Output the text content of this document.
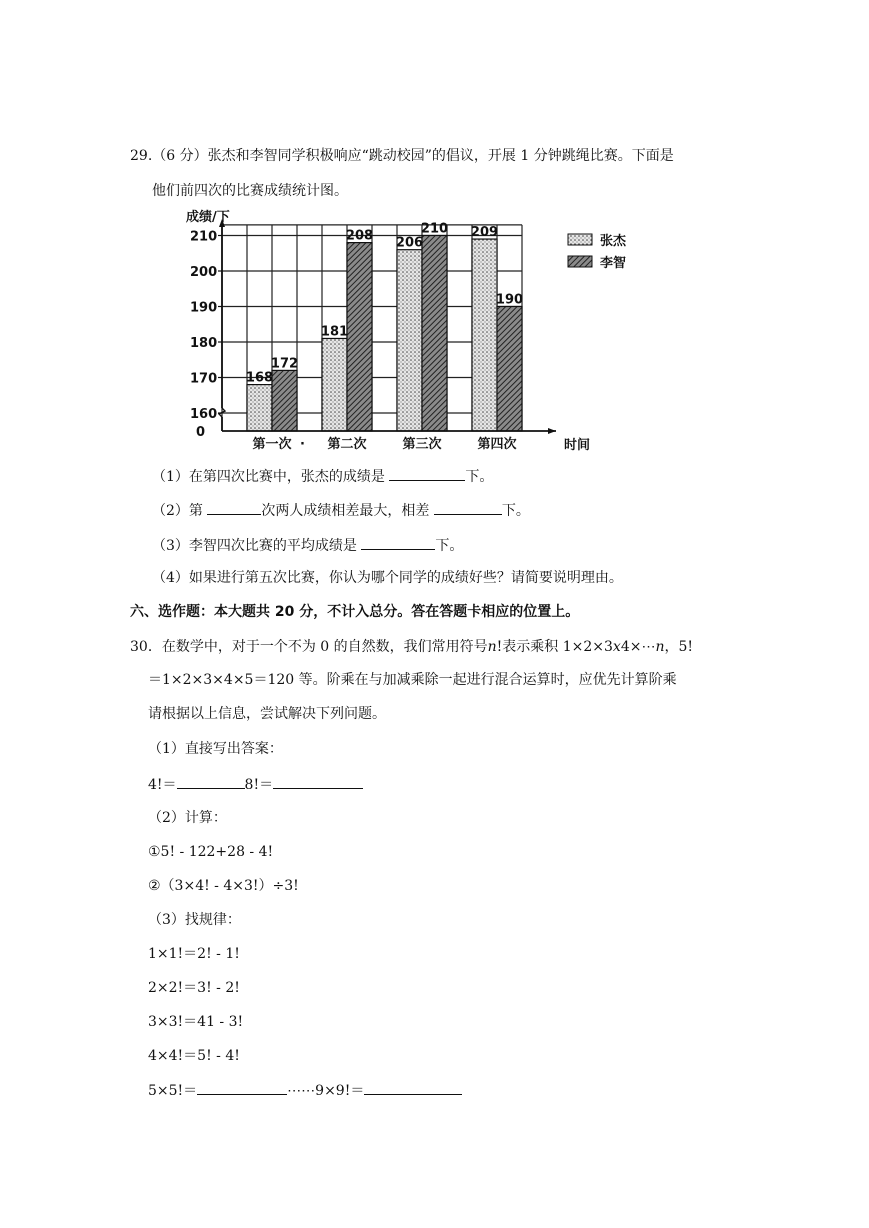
29.（6 分）张杰和李智同学积极响应“跳动校园”的倡议，开展 1 分钟跳绳比赛。下面是
他们前四次的比赛成绩统计图。
168
172
第一次
181
208
第二次
206
210
第三次
209
190
第四次
·
160
170
180
190
200
210
0
成绩/下
时间
张杰
李智
（1）在第四次比赛中，张杰的成绩是	下。
（2）第	次两人成绩相差最大，相差	下。
（3）李智四次比赛的平均成绩是	下。
（4）如果进行第五次比赛，你认为哪个同学的成绩好些？请简要说明理由。
六、选作题：本大题共 20 分，不计入总分。答在答题卡相应的位置上。
30．在数学中，对于一个不为 0 的自然数，我们常用符号n!表示乘积 1×2×3x4×⋯n，5!
＝1×2×3×4×5＝120 等。阶乘在与加减乘除一起进行混合运算时，应优先计算阶乘
请根据以上信息，尝试解决下列问题。
（1）直接写出答案：
4!＝	8!＝
（2）计算：
①5! - 122+28 - 4!
②（3×4! - 4×3!）÷3!
（3）找规律：
1×1!＝2! - 1!
2×2!＝3! - 2!
3×3!＝41 - 3!
4×4!＝5! - 4!
5×5!＝	⋯⋯9×9!＝
